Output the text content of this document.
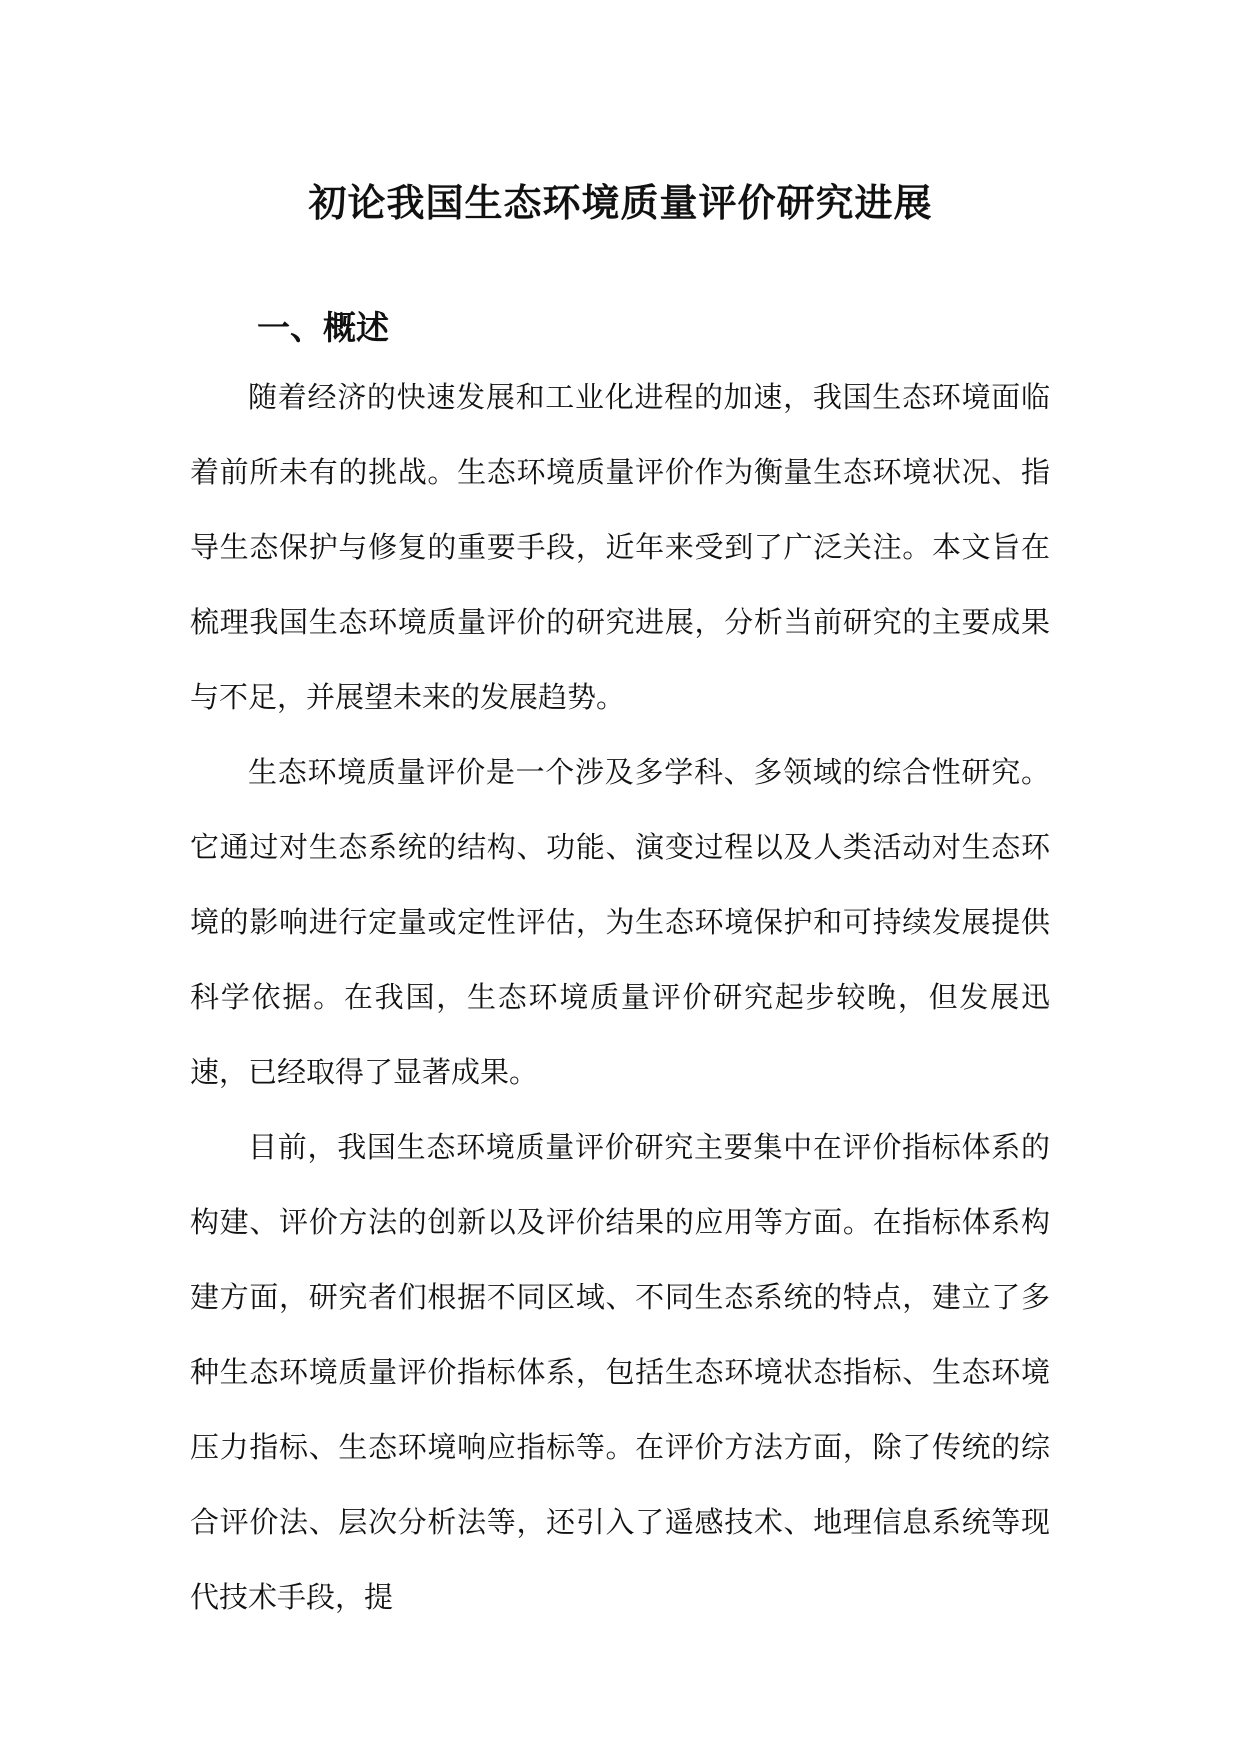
初论我国生态环境质量评价研究进展
一、概述

随着经济的快速发展和工业化进程的加速，我国生态环境面临着前所未有的挑战。生态环境质量评价作为衡量生态环境状况、指导生态保护与修复的重要手段，近年来受到了广泛关注。本文旨在梳理我国生态环境质量评价的研究进展，分析当前研究的主要成果与不足，并展望未来的发展趋势。

生态环境质量评价是一个涉及多学科、多领域的综合性研究。它通过对生态系统的结构、功能、演变过程以及人类活动对生态环境的影响进行定量或定性评估，为生态环境保护和可持续发展提供科学依据。在我国，生态环境质量评价研究起步较晚，但发展迅速，已经取得了显著成果。

目前，我国生态环境质量评价研究主要集中在评价指标体系的构建、评价方法的创新以及评价结果的应用等方面。在指标体系构建方面，研究者们根据不同区域、不同生态系统的特点，建立了多种生态环境质量评价指标体系，包括生态环境状态指标、生态环境压力指标、生态环境响应指标等。在评价方法方面，除了传统的综合评价法、层次分析法等，还引入了遥感技术、地理信息系统等现代技术手段，提
